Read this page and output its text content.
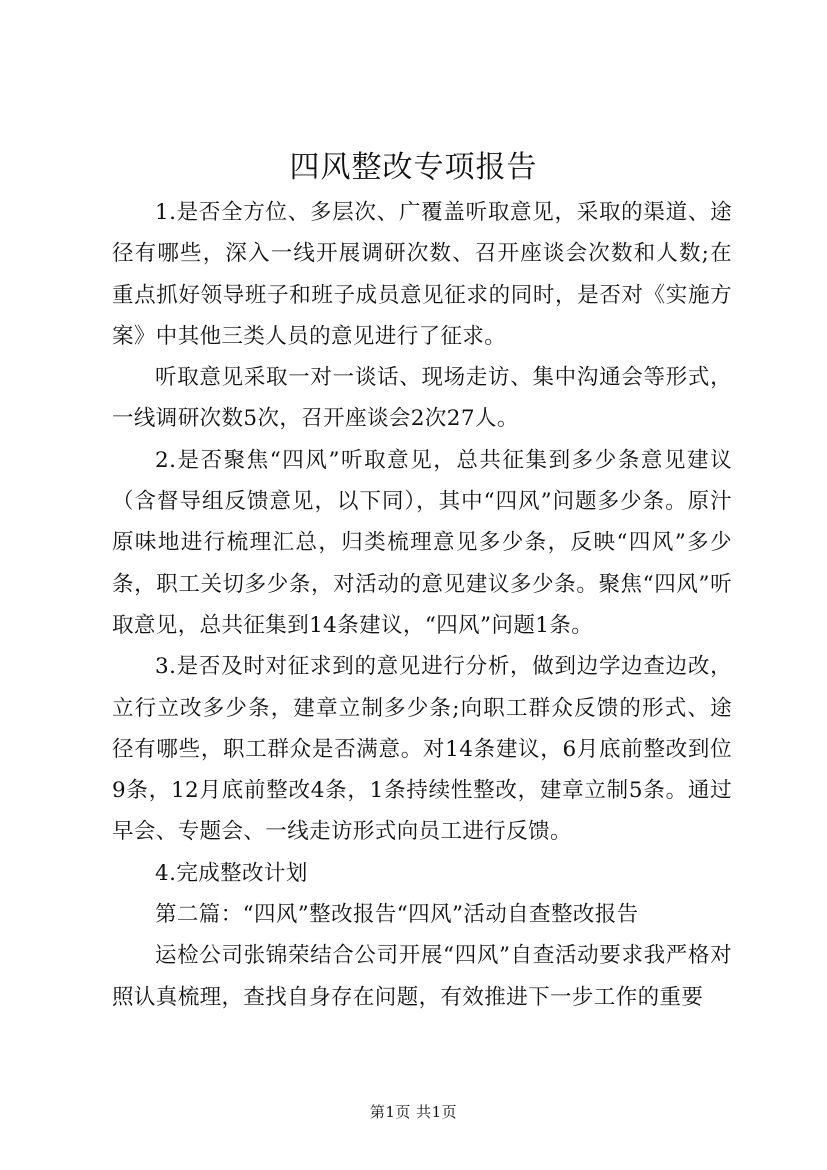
四风整改专项报告

1.是否全方位、多层次、广覆盖听取意见，采取的渠道、途径有哪些，深入一线开展调研次数、召开座谈会次数和人数;在重点抓好领导班子和班子成员意见征求的同时，是否对《实施方案》中其他三类人员的意见进行了征求。

听取意见采取一对一谈话、现场走访、集中沟通会等形式，一线调研次数5次，召开座谈会2次27人。

2.是否聚焦“四风”听取意见，总共征集到多少条意见建议（含督导组反馈意见，以下同），其中“四风”问题多少条。原汁原味地进行梳理汇总，归类梳理意见多少条，反映“四风”多少条，职工关切多少条，对活动的意见建议多少条。聚焦“四风”听取意见，总共征集到14条建议，“四风”问题1条。

3.是否及时对征求到的意见进行分析，做到边学边查边改，立行立改多少条，建章立制多少条;向职工群众反馈的形式、途径有哪些，职工群众是否满意。对14条建议，6月底前整改到位9条，12月底前整改4条，1条持续性整改，建章立制5条。通过早会、专题会、一线走访形式向员工进行反馈。

4.完成整改计划

第二篇：“四风”整改报告“四风”活动自查整改报告

运检公司张锦荣结合公司开展“四风”自查活动要求我严格对照认真梳理，查找自身存在问题，有效推进下一步工作的重要

第1页 共1页
